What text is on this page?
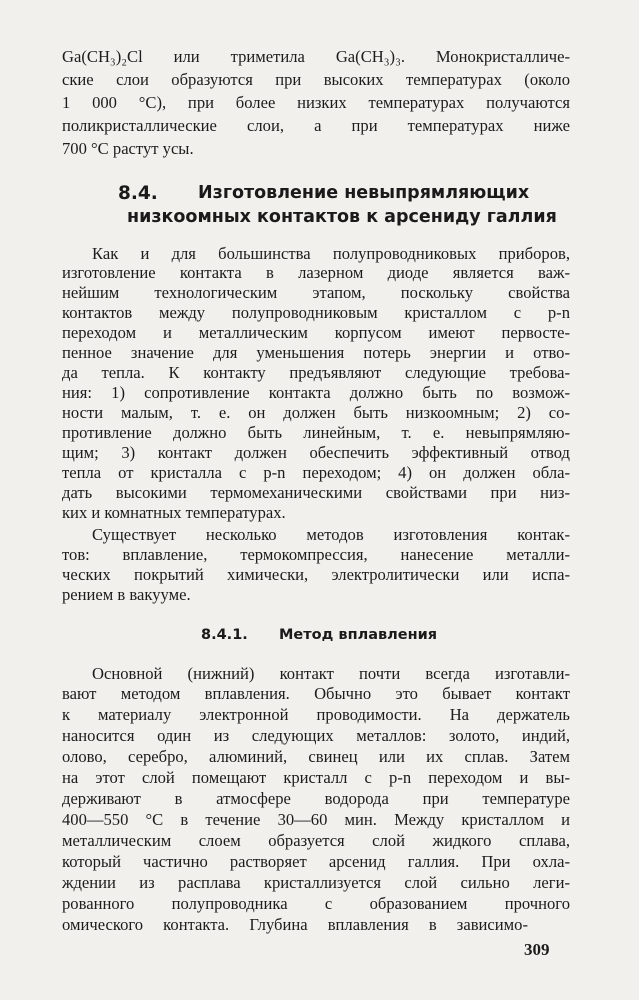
Ga(CH₃)₂Cl или триметила Ga(CH₃)₃. Монокристалличе-
ские слои образуются при высоких температурах (около
1 000 °С), при более низких температурах получаются
поликристаллические слои, а при температурах ниже
700 °С растут усы.
8.4. Изготовление невыпрямляющих
низкоомных контактов к арсениду галлия
Как и для большинства полупроводниковых приборов,
изготовление контакта в лазерном диоде является важ-
нейшим технологическим этапом, поскольку свойства
контактов между полупроводниковым кристаллом с p-n
переходом и металлическим корпусом имеют первосте-
пенное значение для уменьшения потерь энергии и отво-
да тепла. К контакту предъявляют следующие требова-
ния: 1) сопротивление контакта должно быть по возмож-
ности малым, т. е. он должен быть низкоомным; 2) со-
противление должно быть линейным, т. е. невыпрямляю-
щим; 3) контакт должен обеспечить эффективный отвод
тепла от кристалла с p-n переходом; 4) он должен обла-
дать высокими термомеханическими свойствами при низ-
ких и комнатных температурах.
Существует несколько методов изготовления контак-
тов: вплавление, термокомпрессия, нанесение металли-
ческих покрытий химически, электролитически или испа-
рением в вакууме.
8.4.1. Метод вплавления
Основной (нижний) контакт почти всегда изготавли-
вают методом вплавления. Обычно это бывает контакт
к материалу электронной проводимости. На держатель
наносится один из следующих металлов: золото, индий,
олово, серебро, алюминий, свинец или их сплав. Затем
на этот слой помещают кристалл с p-n переходом и вы-
держивают в атмосфере водорода при температуре
400—550 °С в течение 30—60 мин. Между кристаллом и
металлическим слоем образуется слой жидкого сплава,
который частично растворяет арсенид галлия. При охла-
ждении из расплава кристаллизуется слой сильно леги-
рованного полупроводника с образованием прочного
омического контакта. Глубина вплавления в зависимо-
309
